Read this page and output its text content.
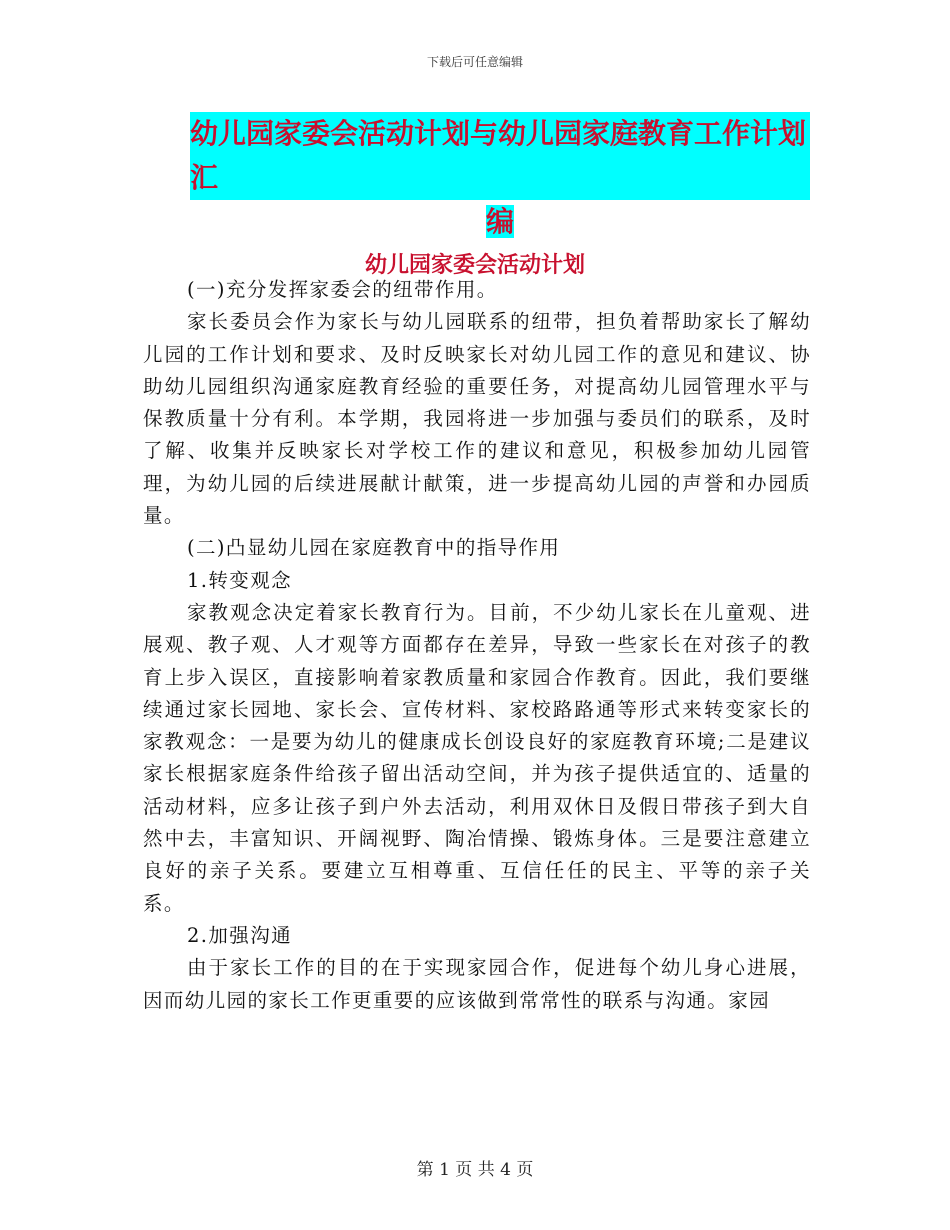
下载后可任意编辑
幼儿园家委会活动计划与幼儿园家庭教育工作计划汇
编
幼儿园家委会活动计划

(一)充分发挥家委会的纽带作用。

家长委员会作为家长与幼儿园联系的纽带，担负着帮助家长了解幼儿园的工作计划和要求、及时反映家长对幼儿园工作的意见和建议、协助幼儿园组织沟通家庭教育经验的重要任务，对提高幼儿园管理水平与保教质量十分有利。本学期，我园将进一步加强与委员们的联系，及时了解、收集并反映家长对学校工作的建议和意见，积极参加幼儿园管理，为幼儿园的后续进展献计献策，进一步提高幼儿园的声誉和办园质量。

(二)凸显幼儿园在家庭教育中的指导作用

1.转变观念

家教观念决定着家长教育行为。目前，不少幼儿家长在儿童观、进展观、教子观、人才观等方面都存在差异，导致一些家长在对孩子的教育上步入误区，直接影响着家教质量和家园合作教育。因此，我们要继续通过家长园地、家长会、宣传材料、家校路路通等形式来转变家长的家教观念：一是要为幼儿的健康成长创设良好的家庭教育环境;二是建议家长根据家庭条件给孩子留出活动空间，并为孩子提供适宜的、适量的活动材料，应多让孩子到户外去活动，利用双休日及假日带孩子到大自然中去，丰富知识、开阔视野、陶冶情操、锻炼身体。三是要注意建立良好的亲子关系。要建立互相尊重、互信任任的民主、平等的亲子关系。

2.加强沟通

由于家长工作的目的在于实现家园合作，促进每个幼儿身心进展，因而幼儿园的家长工作更重要的应该做到常常性的联系与沟通。家园

第 1 页 共 4 页
